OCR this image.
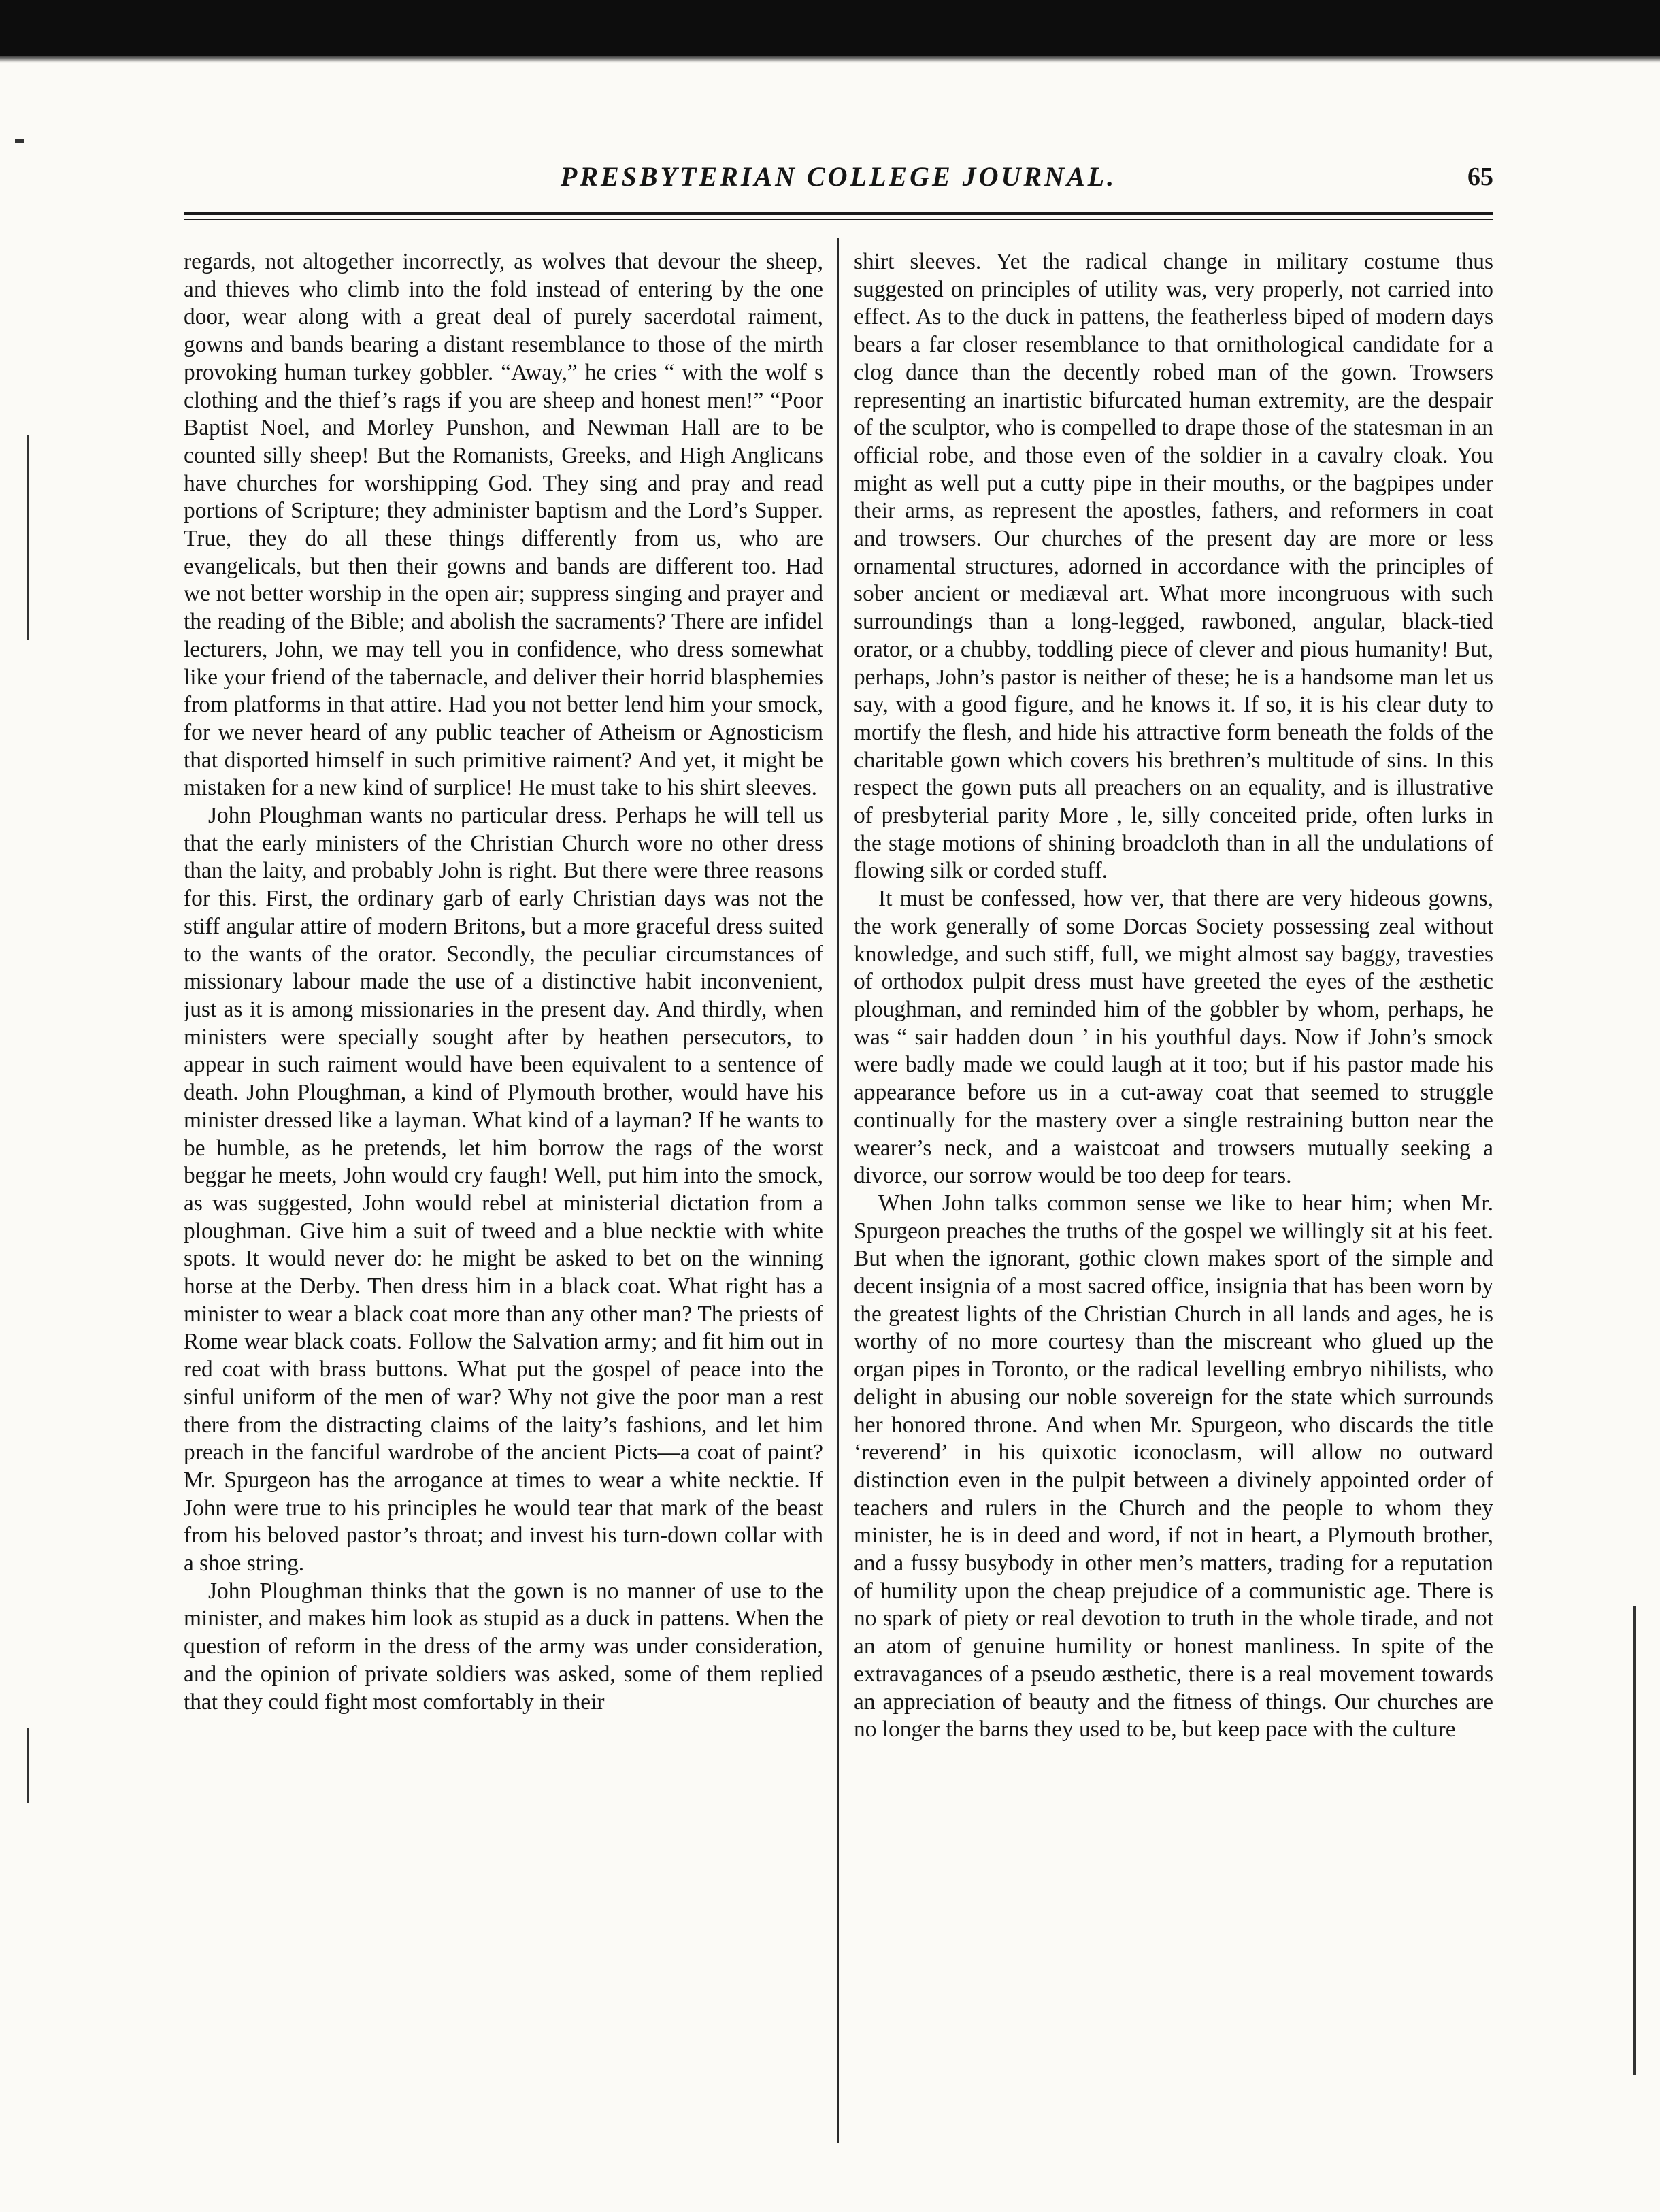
PRESBYTERIAN COLLEGE JOURNAL.	65

regards, not altogether incorrectly, as wolves that devour the sheep, and thieves who climb into the fold instead of entering by the one door, wear along with a great deal of purely sacerdotal raiment, gowns and bands bearing a distant resemblance to those of the mirth provoking human turkey gobbler. “Away,” he cries “ with the wolf s clothing and the thief’s rags if you are sheep and honest men!” “Poor Baptist Noel, and Morley Punshon, and Newman Hall are to be counted silly sheep! But the Romanists, Greeks, and High Anglicans have churches for worshipping God. They sing and pray and read portions of Scripture; they administer baptism and the Lord’s Supper. True, they do all these things differently from us, who are evangelicals, but then their gowns and bands are different too. Had we not better worship in the open air; suppress singing and prayer and the reading of the Bible; and abolish the sacraments? There are infidel lecturers, John, we may tell you in confidence, who dress somewhat like your friend of the tabernacle, and deliver their horrid blasphemies from platforms in that attire. Had you not better lend him your smock, for we never heard of any public teacher of Atheism or Agnosticism that disported himself in such primitive raiment? And yet, it might be mistaken for a new kind of surplice! He must take to his shirt sleeves.

John Ploughman wants no particular dress. Perhaps he will tell us that the early ministers of the Christian Church wore no other dress than the laity, and probably John is right. But there were three reasons for this. First, the ordinary garb of early Christian days was not the stiff angular attire of modern Britons, but a more graceful dress suited to the wants of the orator. Secondly, the peculiar circumstances of missionary labour made the use of a distinctive habit inconvenient, just as it is among missionaries in the present day. And thirdly, when ministers were specially sought after by heathen persecutors, to appear in such raiment would have been equivalent to a sentence of death. John Ploughman, a kind of Plymouth brother, would have his minister dressed like a layman. What kind of a layman? If he wants to be humble, as he pretends, let him borrow the rags of the worst beggar he meets, John would cry faugh! Well, put him into the smock, as was suggested, John would rebel at ministerial dictation from a ploughman. Give him a suit of tweed and a blue necktie with white spots. It would never do: he might be asked to bet on the winning horse at the Derby. Then dress him in a black coat. What right has a minister to wear a black coat more than any other man? The priests of Rome wear black coats. Follow the Salvation army; and fit him out in red coat with brass buttons. What put the gospel of peace into the sinful uniform of the men of war? Why not give the poor man a rest there from the distracting claims of the laity’s fashions, and let him preach in the fanciful wardrobe of the ancient Picts—a coat of paint? Mr. Spurgeon has the arrogance at times to wear a white necktie. If John were true to his principles he would tear that mark of the beast from his beloved pastor’s throat; and invest his turn-down collar with a shoe string.

John Ploughman thinks that the gown is no manner of use to the minister, and makes him look as stupid as a duck in pattens. When the question of reform in the dress of the army was under consideration, and the opinion of private soldiers was asked, some of them replied that they could fight most comfortably in their

shirt sleeves. Yet the radical change in military costume thus suggested on principles of utility was, very properly, not carried into effect. As to the duck in pattens, the featherless biped of modern days bears a far closer resemblance to that ornithological candidate for a clog dance than the decently robed man of the gown. Trowsers representing an inartistic bifurcated human extremity, are the despair of the sculptor, who is compelled to drape those of the statesman in an official robe, and those even of the soldier in a cavalry cloak. You might as well put a cutty pipe in their mouths, or the bagpipes under their arms, as represent the apostles, fathers, and reformers in coat and trowsers. Our churches of the present day are more or less ornamental structures, adorned in accordance with the principles of sober ancient or mediæval art. What more incongruous with such surroundings than a long-legged, rawboned, angular, black-tied orator, or a chubby, toddling piece of clever and pious humanity! But, perhaps, John’s pastor is neither of these; he is a handsome man let us say, with a good figure, and he knows it. If so, it is his clear duty to mortify the flesh, and hide his attractive form beneath the folds of the charitable gown which covers his brethren’s multitude of sins. In this respect the gown puts all preachers on an equality, and is illustrative of presbyterial parity More , le, silly conceited pride, often lurks in the stage motions of shining broadcloth than in all the undulations of flowing silk or corded stuff.

It must be confessed, how ver, that there are very hideous gowns, the work generally of some Dorcas Society possessing zeal without knowledge, and such stiff, full, we might almost say baggy, travesties of orthodox pulpit dress must have greeted the eyes of the æsthetic ploughman, and reminded him of the gobbler by whom, perhaps, he was “ sair hadden doun ’ in his youthful days. Now if John’s smock were badly made we could laugh at it too; but if his pastor made his appearance before us in a cut-away coat that seemed to struggle continually for the mastery over a single restraining button near the wearer’s neck, and a waistcoat and trowsers mutually seeking a divorce, our sorrow would be too deep for tears.

When John talks common sense we like to hear him; when Mr. Spurgeon preaches the truths of the gospel we willingly sit at his feet. But when the ignorant, gothic clown makes sport of the simple and decent insignia of a most sacred office, insignia that has been worn by the greatest lights of the Christian Church in all lands and ages, he is worthy of no more courtesy than the miscreant who glued up the organ pipes in Toronto, or the radical levelling embryo nihilists, who delight in abusing our noble sovereign for the state which surrounds her honored throne. And when Mr. Spurgeon, who discards the title ‘reverend’ in his quixotic iconoclasm, will allow no outward distinction even in the pulpit between a divinely appointed order of teachers and rulers in the Church and the people to whom they minister, he is in deed and word, if not in heart, a Plymouth brother, and a fussy busybody in other men’s matters, trading for a reputation of humility upon the cheap prejudice of a communistic age. There is no spark of piety or real devotion to truth in the whole tirade, and not an atom of genuine humility or honest manliness. In spite of the extravagances of a pseudo æsthetic, there is a real movement towards an appreciation of beauty and the fitness of things. Our churches are no longer the barns they used to be, but keep pace with the culture
